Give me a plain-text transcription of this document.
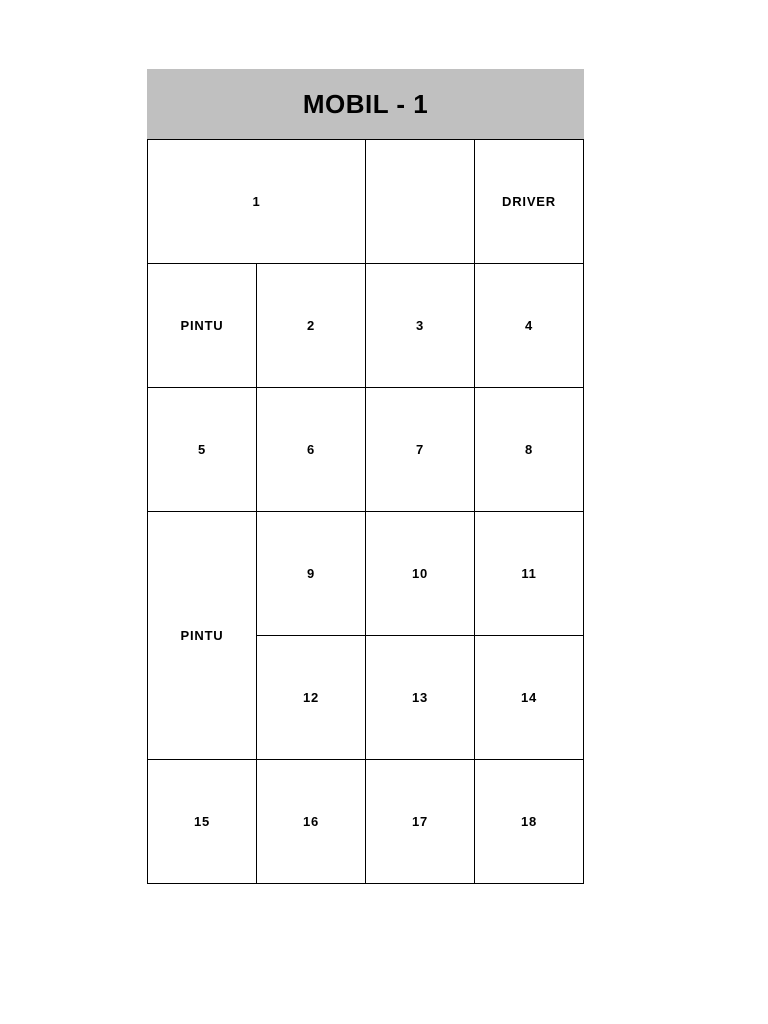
MOBIL - 1
1			DRIVER
PINTU	2	3	4
5	6	7	8
PINTU	9	10	11
	12	13	14
15	16	17	18
